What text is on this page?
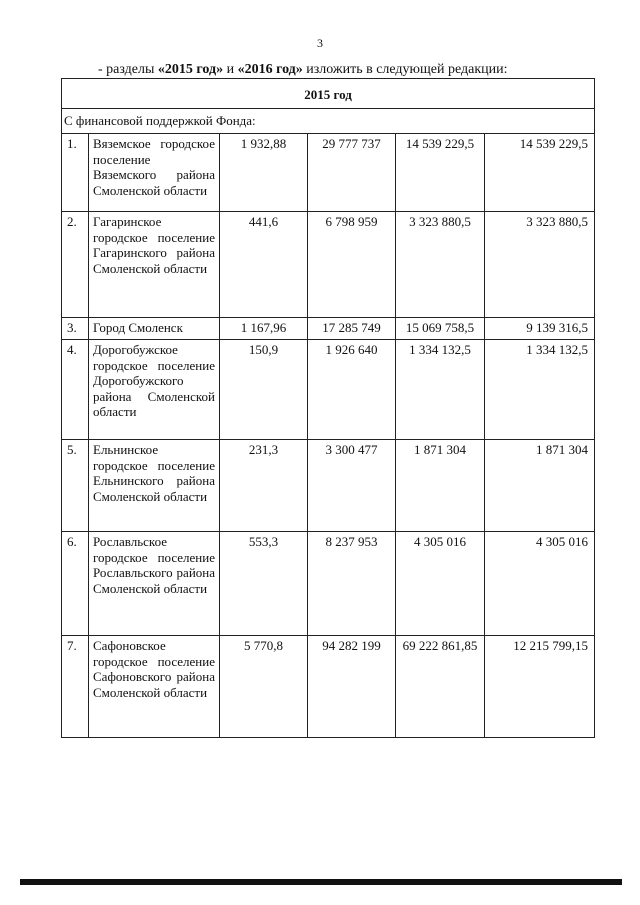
3
- разделы «2015 год» и «2016 год» изложить в следующей редакции:
2015 год					
С финансовой поддержкой Фонда:					
1.	Вяземское городское поселение Вяземского района Смоленской области	1 932,88	29 777 737	14 539 229,5	14 539 229,5
2.	Гагаринское городское поселение Гагаринского района Смоленской области	441,6	6 798 959	3 323 880,5	3 323 880,5
3.	Город Смоленск	1 167,96	17 285 749	15 069 758,5	9 139 316,5
4.	Дорогобужское городское поселение Дорогобужского района Смоленской области	150,9	1 926 640	1 334 132,5	1 334 132,5
5.	Ельнинское городское поселение Ельнинского района Смоленской области	231,3	3 300 477	1 871 304	1 871 304
6.	Рославльское городское поселение Рославльского района Смоленской области	553,3	8 237 953	4 305 016	4 305 016
7.	Сафоновское городское поселение Сафоновского района Смоленской области	5 770,8	94 282 199	69 222 861,85	12 215 799,15
